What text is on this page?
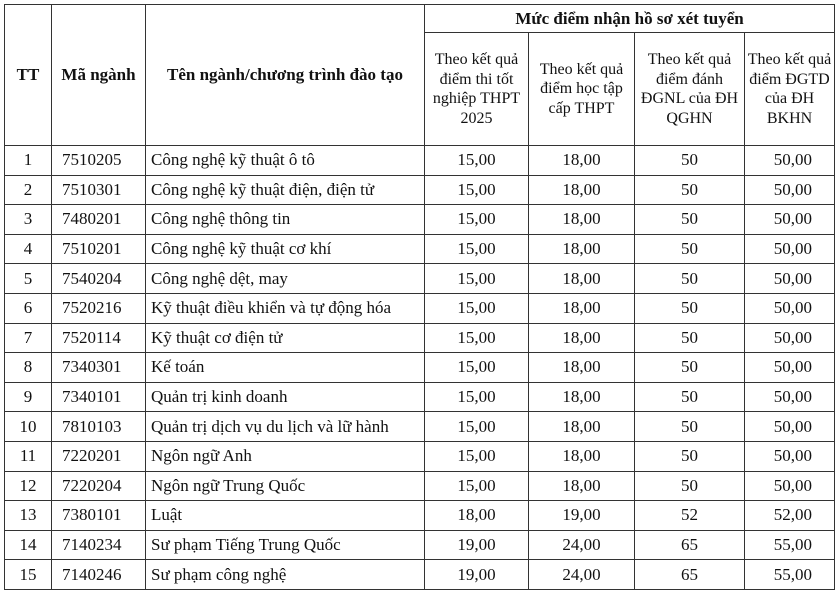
TT	Mã ngành	Tên ngành/chương trình đào tạo	Mức điểm nhận hồ sơ xét tuyển			
			Theo kết quả điểm thi tốt nghiệp THPT 2025	Theo kết quả điểm học tập cấp THPT	Theo kết quả điểm đánh ĐGNL của ĐH QGHN	Theo kết quả điểm ĐGTD của ĐH BKHN
1	7510205	Công nghệ kỹ thuật ô tô	15,00	18,00	50	50,00
2	7510301	Công nghệ kỹ thuật điện, điện tử	15,00	18,00	50	50,00
3	7480201	Công nghệ thông tin	15,00	18,00	50	50,00
4	7510201	Công nghệ kỹ thuật cơ khí	15,00	18,00	50	50,00
5	7540204	Công nghệ dệt, may	15,00	18,00	50	50,00
6	7520216	Kỹ thuật điều khiển và tự động hóa	15,00	18,00	50	50,00
7	7520114	Kỹ thuật cơ điện tử	15,00	18,00	50	50,00
8	7340301	Kế toán	15,00	18,00	50	50,00
9	7340101	Quản trị kinh doanh	15,00	18,00	50	50,00
10	7810103	Quản trị dịch vụ du lịch và lữ hành	15,00	18,00	50	50,00
11	7220201	Ngôn ngữ Anh	15,00	18,00	50	50,00
12	7220204	Ngôn ngữ Trung Quốc	15,00	18,00	50	50,00
13	7380101	Luật	18,00	19,00	52	52,00
14	7140234	Sư phạm Tiếng Trung Quốc	19,00	24,00	65	55,00
15	7140246	Sư phạm công nghệ	19,00	24,00	65	55,00
